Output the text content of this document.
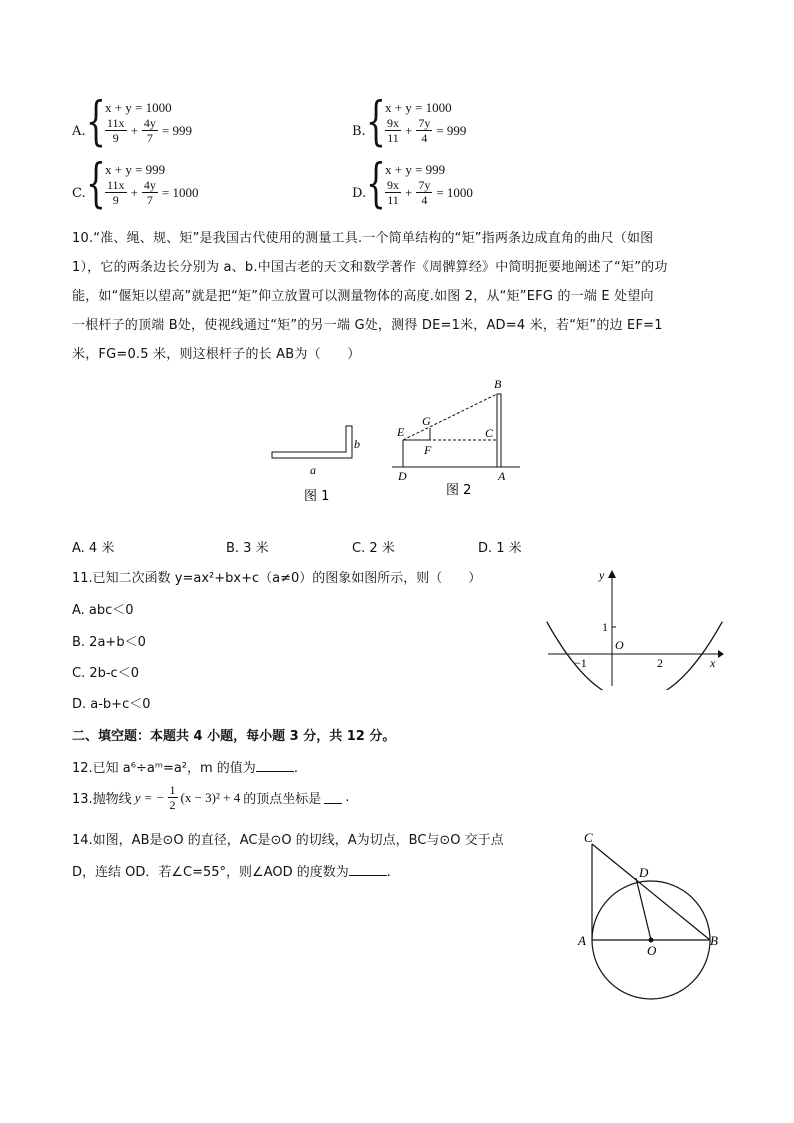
A. { x + y = 1000
$\frac{11x}{9} + \frac{4y}{7} = 999$	B. { x + y = 1000
$\frac{9x}{11} + \frac{7y}{4} = 999$
C. { x + y = 999
$\frac{11x}{9} + \frac{4y}{7} = 1000$	D. { x + y = 999
$\frac{9x}{11} + \frac{7y}{4} = 1000$
10.“准、绳、规、矩”是我国古代使用的测量工具.一个简单结构的“矩”指两条边成直角的曲尺（如图
1），它的两条边长分别为 a、b.中国古老的天文和数学著作《周髀算经》中简明扼要地阐述了“矩”的功
能，如“偃矩以望高”就是把“矩”仰立放置可以测量物体的高度.如图 2，从“矩”EFG 的一端 E 处望向
一根杆子的顶端 B处，使视线通过“矩”的另一端 G处，测得 DE=1米，AD=4 米，若“矩”的边 EF=1
米，FG=0.5 米，则这根杆子的长 AB为（　　）
a
b
图 1
B
G
E	C
F
D	A
图 2
A. 4 米	B. 3 米	C. 2 米	D. 1 米
11.已知二次函数 y=ax²+bx+c（a≠0）的图象如图所示，则（　　）
A. abc＜0
B. 2a+b＜0
C. 2b-c＜0
D. a-b+c＜0
y
x
1
O
−1	2
二、填空题：本题共 4 小题，每小题 3 分，共 12 分。
12.已知 a⁶÷aᵐ=a²，m 的值为	.
13.抛物线 y = − $\frac{1}{2} (x - 3)^2 + 4$ 的顶点坐标是 .
14.如图，AB是⊙O 的直径，AC是⊙O 的切线，A为切点，BC与⊙O 交于点
D，连结 OD．若∠C=55°，则∠AOD 的度数为	.
C
D
A
O
B
